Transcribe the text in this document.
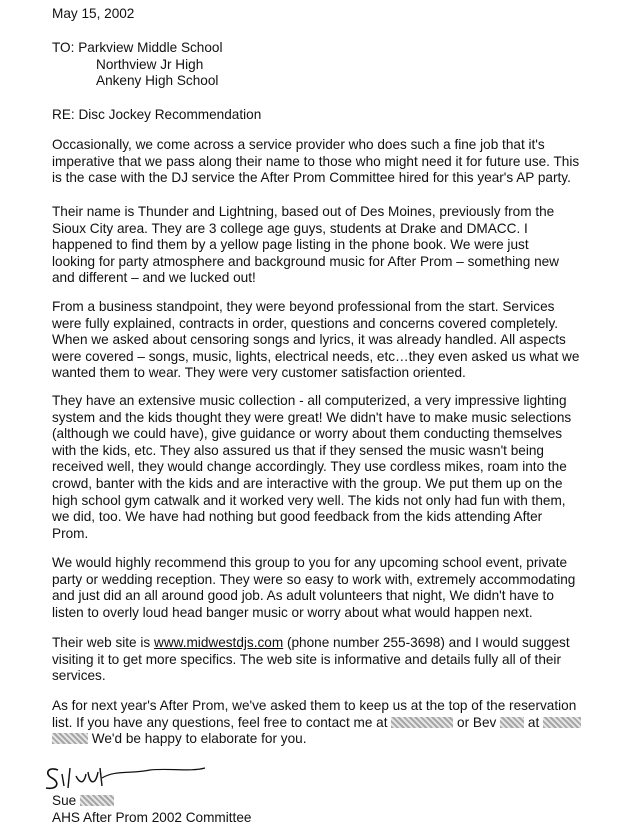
May 15, 2002
TO: Parkview Middle School
Northview Jr High
Ankeny High School
RE: Disc Jockey Recommendation
Occasionally, we come across a service provider who does such a fine job that it's
imperative that we pass along their name to those who might need it for future use. This
is the case with the DJ service the After Prom Committee hired for this year's AP party.
Their name is Thunder and Lightning, based out of Des Moines, previously from the
Sioux City area. They are 3 college age guys, students at Drake and DMACC. I
happened to find them by a yellow page listing in the phone book. We were just
looking for party atmosphere and background music for After Prom – something new
and different – and we lucked out!
From a business standpoint, they were beyond professional from the start. Services
were fully explained, contracts in order, questions and concerns covered completely.
When we asked about censoring songs and lyrics, it was already handled. All aspects
were covered – songs, music, lights, electrical needs, etc…they even asked us what we
wanted them to wear. They were very customer satisfaction oriented.
They have an extensive music collection - all computerized, a very impressive lighting
system and the kids thought they were great! We didn't have to make music selections
(although we could have), give guidance or worry about them conducting themselves
with the kids, etc. They also assured us that if they sensed the music wasn't being
received well, they would change accordingly. They use cordless mikes, roam into the
crowd, banter with the kids and are interactive with the group. We put them up on the
high school gym catwalk and it worked very well. The kids not only had fun with them,
we did, too. We have had nothing but good feedback from the kids attending After
Prom.
We would highly recommend this group to you for any upcoming school event, private
party or wedding reception. They were so easy to work with, extremely accommodating
and just did an all around good job. As adult volunteers that night, We didn't have to
listen to overly loud head banger music or worry about what would happen next.
Their web site is www.midwestdjs.com (phone number 255-3698) and I would suggest
visiting it to get more specifics. The web site is informative and details fully all of their
services.
As for next year's After Prom, we've asked them to keep us at the top of the reservation
list. If you have any questions, feel free to contact me at	or Bev  at
We'd be happy to elaborate for you.
Sue
AHS After Prom 2002 Committee
